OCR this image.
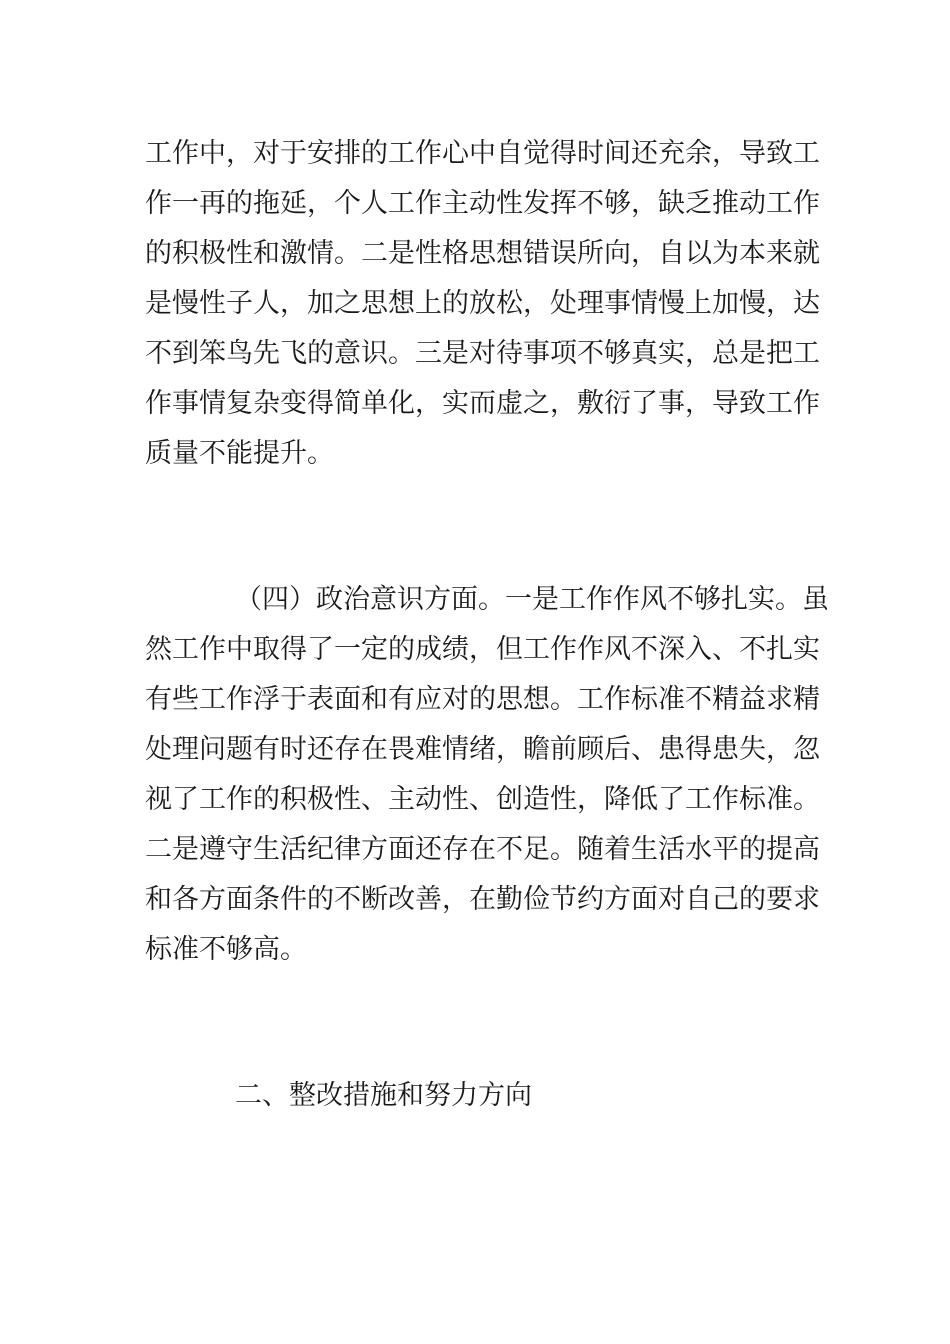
工作中，对于安排的工作心中自觉得时间还充余，导致工
作一再的拖延，个人工作主动性发挥不够，缺乏推动工作
的积极性和激情。二是性格思想错误所向，自以为本来就
是慢性子人，加之思想上的放松，处理事情慢上加慢，达
不到笨鸟先飞的意识。三是对待事项不够真实，总是把工
作事情复杂变得简单化，实而虚之，敷衍了事，导致工作
质量不能提升。
（四）政治意识方面。一是工作作风不够扎实。虽
然工作中取得了一定的成绩，但工作作风不深入、不扎实
有些工作浮于表面和有应对的思想。工作标准不精益求精
处理问题有时还存在畏难情绪，瞻前顾后、患得患失，忽
视了工作的积极性、主动性、创造性，降低了工作标准。
二是遵守生活纪律方面还存在不足。随着生活水平的提高
和各方面条件的不断改善，在勤俭节约方面对自己的要求
标准不够高。
二、整改措施和努力方向
